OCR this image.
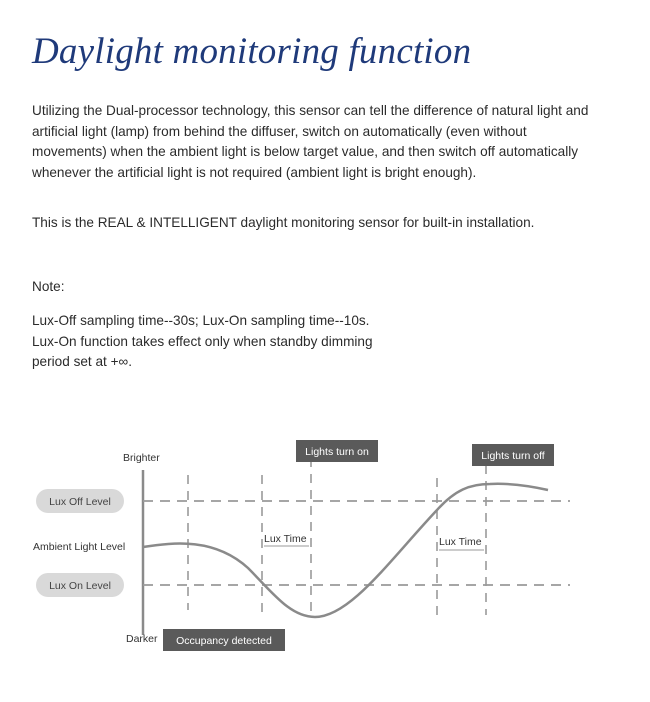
Daylight monitoring function
Utilizing the Dual-processor technology, this sensor can tell the difference of natural light and artificial light (lamp) from behind the diffuser, switch on automatically (even without movements) when the ambient light is below target value, and then switch off automatically whenever the artificial light is not required (ambient light is bright enough).
This is the REAL & INTELLIGENT daylight monitoring sensor for built-in installation.
Note:
Lux-Off sampling time--30s; Lux-On sampling time--10s.
Lux-On function takes effect only when standby dimming
period set at +∞.
Brighter
Darker
Lux Time	Lux Time
Lux Off Level
Ambient Light Level
Lux On Level
Lights turn on	Lights turn off
Occupancy detected
